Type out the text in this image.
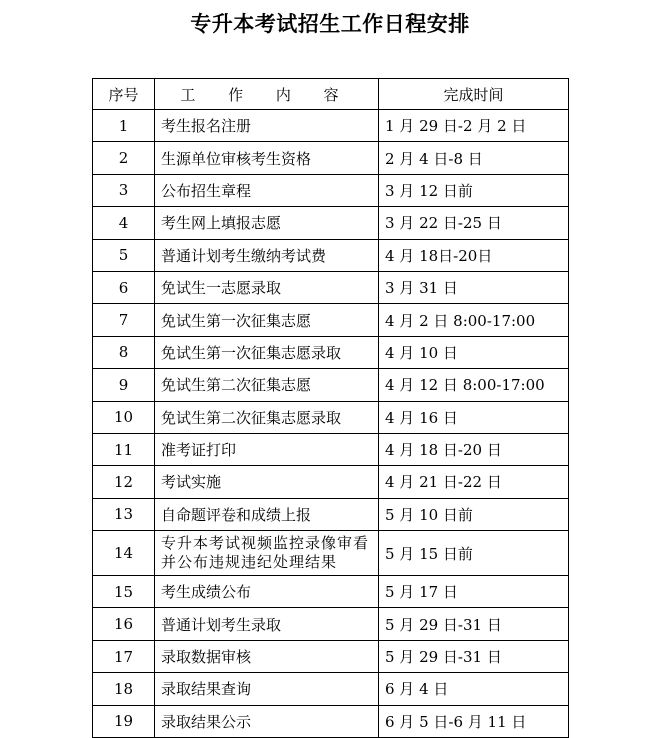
专升本考试招生工作日程安排
序号	工 作 内 容	完成时间
1	考生报名注册	1 月 29 日-2 月 2 日
2	生源单位审核考生资格	2 月 4 日-8 日
3	公布招生章程	3 月 12 日前
4	考生网上填报志愿	3 月 22 日-25 日
5	普通计划考生缴纳考试费	4 月 18日-20日
6	免试生一志愿录取	3 月 31 日
7	免试生第一次征集志愿	4 月 2 日 8:00-17:00
8	免试生第一次征集志愿录取	4 月 10 日
9	免试生第二次征集志愿	4 月 12 日 8:00-17:00
10	免试生第二次征集志愿录取	4 月 16 日
11	准考证打印	4 月 18 日-20 日
12	考试实施	4 月 21 日-22 日
13	自命题评卷和成绩上报	5 月 10 日前
14	专升本考试视频监控录像审看并公布违规违纪处理结果	5 月 15 日前
15	考生成绩公布	5 月 17 日
16	普通计划考生录取	5 月 29 日-31 日
17	录取数据审核	5 月 29 日-31 日
18	录取结果查询	6 月 4 日
19	录取结果公示	6 月 5 日-6 月 11 日
